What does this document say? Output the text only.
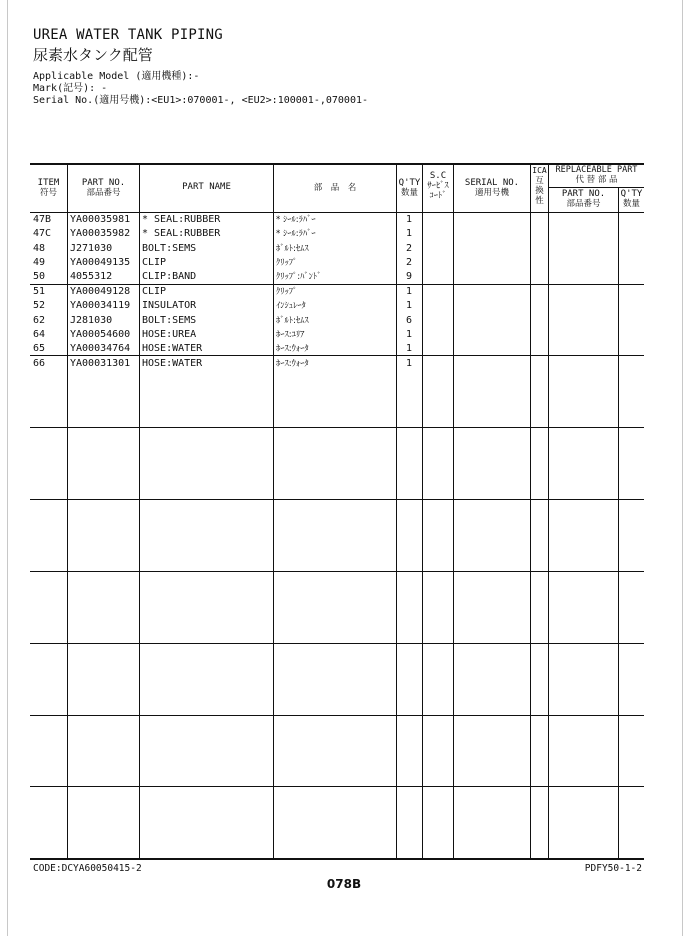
UREA WATER TANK PIPING
尿素水タンク配管
Applicable Model (適用機種):-
Mark(記号): -
Serial No.(適用号機):<EU1>:070001-, <EU2>:100001-,070001-
ITEM
符号
PART NO.
部品番号
PART NAME	部　品　名	Q'TY
数量
S.C
ｻｰﾋﾞｽ
ｺｰﾄﾞ
SERIAL NO.
適用号機
ICA
互
換
性
REPLACEABLE PART
代 替 部 品
PART NO.
部品番号
Q'TY
数量
47B YA00035981 * SEAL:RUBBER	* ｼｰﾙ:ﾗﾊﾞｰ	1
47C YA00035982 * SEAL:RUBBER	* ｼｰﾙ:ﾗﾊﾞｰ	1
48 J271030	BOLT:SEMS	ﾎﾞﾙﾄ:ｾﾑｽ	2
49 YA00049135 CLIP	ｸﾘｯﾌﾟ	2
50 4055312	CLIP:BAND	ｸﾘｯﾌﾟ:ﾊﾞﾝﾄﾞ	9
51 YA00049128 CLIP	ｸﾘｯﾌﾟ	1
52 YA00034119 INSULATOR	ｲﾝｼｭﾚｰﾀ	1
62 J281030	BOLT:SEMS	ﾎﾞﾙﾄ:ｾﾑｽ	6
64 YA00054600 HOSE:UREA	ﾎｰｽ:ﾕﾘｱ	1
65 YA00034764 HOSE:WATER	ﾎｰｽ:ｳｫｰﾀ	1
66 YA00031301 HOSE:WATER	ﾎｰｽ:ｳｫｰﾀ	1
CODE:DCYA60050415-2
078B
PDFY50-1-2
